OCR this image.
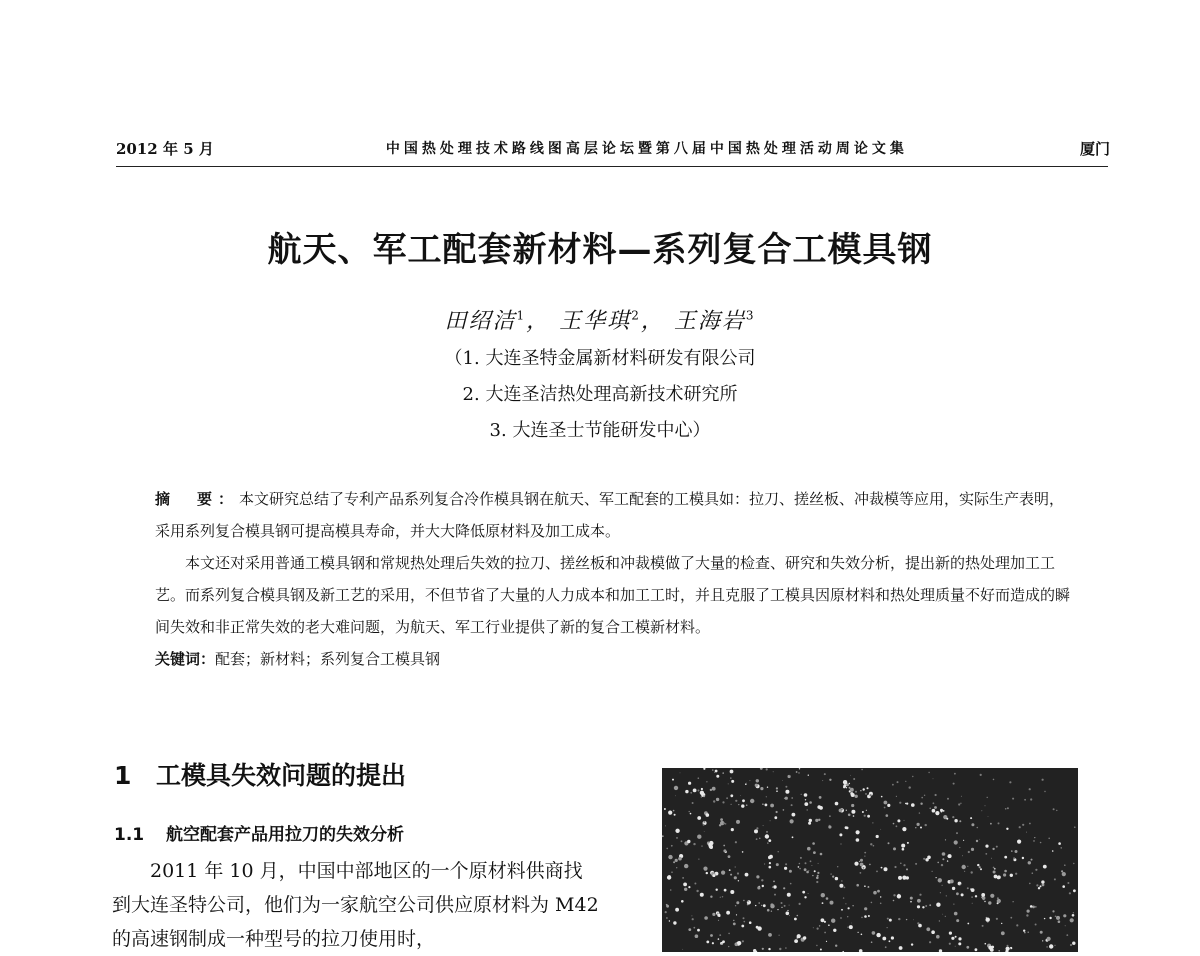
2012 年 5 月	中国热处理技术路线图高层论坛暨第八届中国热处理活动周论文集	厦门
航天、军工配套新材料—系列复合工模具钢
田绍洁$^1$， 王华琪$^2$， 王海岩$^3$
（1. 大连圣特金属新材料研发有限公司
2. 大连圣洁热处理高新技术研究所
3. 大连圣士节能研发中心）

摘　要：本文研究总结了专利产品系列复合冷作模具钢在航天、军工配套的工模具如：拉刀、搓丝板、冲裁模等应用，实际生产表明，采用系列复合模具钢可提高模具寿命，并大大降低原材料及加工成本。

本文还对采用普通工模具钢和常规热处理后失效的拉刀、搓丝板和冲裁模做了大量的检查、研究和失效分析，提出新的热处理加工工艺。而系列复合模具钢及新工艺的采用，不但节省了大量的人力成本和加工工时，并且克服了工模具因原材料和热处理质量不好而造成的瞬间失效和非正常失效的老大难问题，为航天、军工行业提供了新的复合工模新材料。

关键词：配套；新材料；系列复合工模具钢

1 工模具失效问题的提出
1.1 航空配套产品用拉刀的失效分析

2011 年 10 月，中国中部地区的一个原材料供商找到大连圣特公司，他们为一家航空公司供应原材料为 M42 的高速钢制成一种型号的拉刀使用时，
